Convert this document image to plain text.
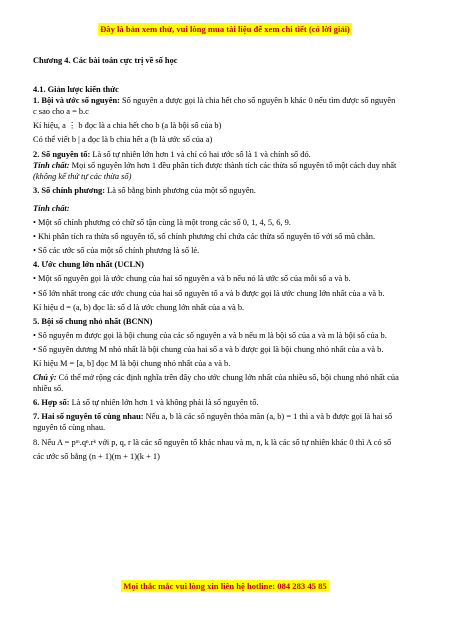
Đây là bản xem thử, vui lòng mua tài liệu để xem chi tiết (có lời giải)

Chương 4. Các bài toán cực trị về số học

4.1. Giản lược kiến thức

1. Bội và ước số nguyên: Số nguyên a được gọi là chia hết cho số nguyên b khác 0 nếu tìm được số nguyên

c sao cho a = b.c

Kí hiệu, a ⋮ b đọc là a chia hết cho b (a là bội số của b)

Có thể viết b | a đọc là b chia hết a (b là ước số của a)

2. Số nguyên tố: Là số tự nhiên lớn hơn 1 và chỉ có hai ước số là 1 và chính số đó.

Tính chất: Mọi số nguyên lớn hơn 1 đều phân tích được thành tích các thừa số nguyên tố một cách duy nhất

(không kể thứ tự các thừa số)

3. Số chính phương: Là số bằng bình phương của một số nguyên.

Tính chất:

• Một số chính phương có chữ số tận cùng là một trong các số 0, 1, 4, 5, 6, 9.

• Khi phân tích ra thừa số nguyên tố, số chính phương chỉ chứa các thừa số nguyên tố với số mũ chẵn.

• Số các ước số của một số chính phương là số lẻ.

4. Ước chung lớn nhất (UCLN)

• Một số nguyên gọi là ước chung của hai số nguyên a và b nếu nó là ước số của mỗi số a và b.

• Số lớn nhất trong các ước chung của hai số nguyên tố a và b được gọi là ước chung lớn nhất của a và b.

Kí hiệu d = (a, b) đọc là: số d là ước chung lớn nhất của a và b.

5. Bội số chung nhỏ nhất (BCNN)

• Số nguyên m được gọi là bội chung của các số nguyên a và b nếu m là bội số của a và m là bội số của b.

• Số nguyên dương M nhỏ nhất là bội chung của hai số a và b được gọi là bội chung nhỏ nhất của a và b.

Kí hiệu M = [a, b] đọc M là bội chung nhỏ nhất của a và b.

Chú ý: Có thể mở rộng các định nghĩa trên đây cho ước chung lớn nhất của nhiều số, bội chung nhỏ nhất của

nhiều số.

6. Hợp số: Là số tự nhiên lớn hơn 1 và không phải là số nguyên tố.

7. Hai số nguyên tố cùng nhau: Nếu a, b là các số nguyên thỏa mãn (a, b) = 1 thì a và b được gọi là hai số

nguyên tố cùng nhau.

8. Nếu A = pᵐ.qⁿ.rᵏ với p, q, r là các số nguyên tố khác nhau và m, n, k là các số tự nhiên khác 0 thì A có số

các ước số bằng (n + 1)(m + 1)(k + 1)

Mọi thắc mắc vui lòng xin liên hệ hotline: 084 283 45 85
